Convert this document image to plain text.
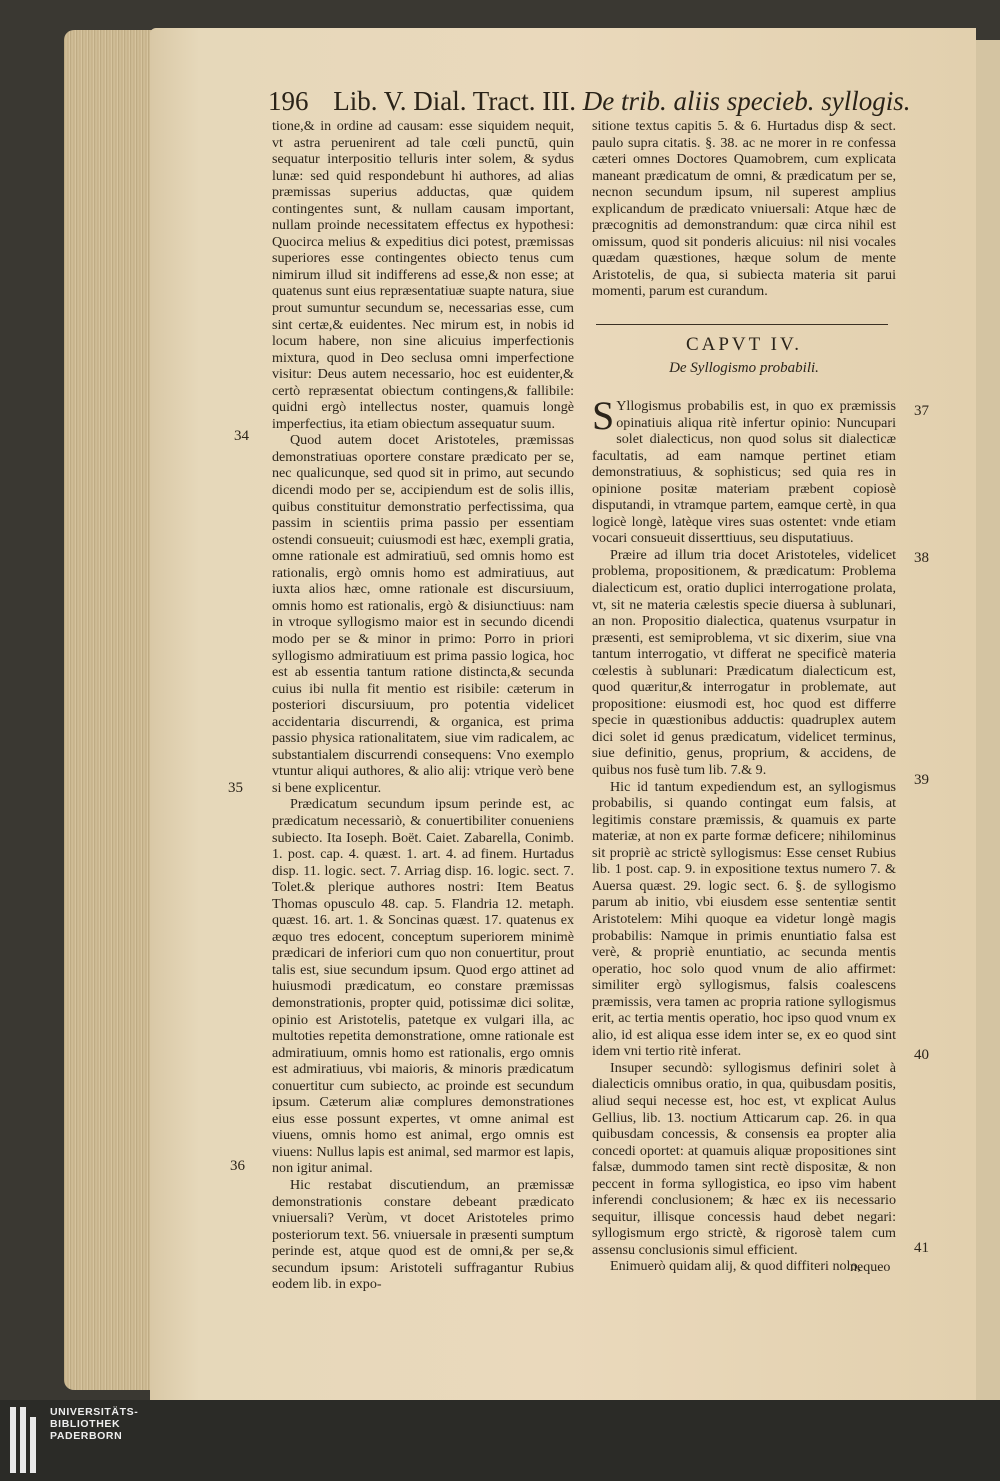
196 Lib. V. Dial. Tract. III. De trib. aliis specieb. syllogis.

tione,& in ordine ad causam: esse siquidem nequit, vt astra peruenirent ad tale cœli punctū, quin sequatur interpositio telluris inter solem, & sydus lunæ: sed quid respondebunt hi authores, ad alias præmissas superius adductas, quæ quidem contingentes sunt, & nullam causam important, nullam proinde necessitatem effectus ex hypothesi: Quocirca melius & expeditius dici potest, præmissas superiores esse contingentes obiecto tenus cum nimirum illud sit indifferens ad esse,& non esse; at quatenus sunt eius repræsentatiuæ suapte natura, siue prout sumuntur secundum se, necessarias esse, cum sint certæ,& euidentes. Nec mirum est, in nobis id locum habere, non sine alicuius imperfectionis mixtura, quod in Deo seclusa omni imperfectione visitur: Deus autem necessario, hoc est euidenter,& certò repræsentat obiectum contingens,& fallibile: quidni ergò intellectus noster, quamuis longè imperfectius, ita etiam obiectum assequatur suum.

Quod autem docet Aristoteles, præmissas demonstratiuas oportere constare prædicato per se, nec qualicunque, sed quod sit in primo, aut secundo dicendi modo per se, accipiendum est de solis illis, quibus constituitur demonstratio perfectissima, qua passim in scientiis prima passio per essentiam ostendi consueuit; cuiusmodi est hæc, exempli gratia, omne rationale est admiratiuū, sed omnis homo est rationalis, ergò omnis homo est admiratiuus, aut iuxta alios hæc, omne rationale est discursiuum, omnis homo est rationalis, ergò & disiunctiuus: nam in vtroque syllogismo maior est in secundo dicendi modo per se & minor in primo: Porro in priori syllogismo admiratiuum est prima passio logica, hoc est ab essentia tantum ratione distincta,& secunda cuius ibi nulla fit mentio est risibile: cæterum in posteriori discursiuum, pro potentia videlicet accidentaria discurrendi, & organica, est prima passio physica rationalitatem, siue vim radicalem, ac substantialem discurrendi consequens: Vno exemplo vtuntur aliqui authores, & alio alij: vtrique verò bene si bene explicentur.

Prædicatum secundum ipsum perinde est, ac prædicatum necessariò, & conuertibiliter conueniens subiecto. Ita Ioseph. Boët. Caiet. Zabarella, Conimb. 1. post. cap. 4. quæst. 1. art. 4. ad finem. Hurtadus disp. 11. logic. sect. 7. Arriag disp. 16. logic. sect. 7. Tolet.& plerique authores nostri: Item Beatus Thomas opusculo 48. cap. 5. Flandria 12. metaph. quæst. 16. art. 1. & Soncinas quæst. 17. quatenus ex æquo tres edocent, conceptum superiorem minimè prædicari de inferiori cum quo non conuertitur, prout talis est, siue secundum ipsum. Quod ergo attinet ad huiusmodi prædicatum, eo constare præmissas demonstrationis, propter quid, potissimæ dici solitæ, opinio est Aristotelis, patetque ex vulgari illa, ac multoties repetita demonstratione, omne rationale est admiratiuum, omnis homo est rationalis, ergo omnis est admiratiuus, vbi maioris, & minoris prædicatum conuertitur cum subiecto, ac proinde est secundum ipsum. Cæterum aliæ complures demonstrationes eius esse possunt expertes, vt omne animal est viuens, omnis homo est animal, ergo omnis est viuens: Nullus lapis est animal, sed marmor est lapis, non igitur animal.

Hic restabat discutiendum, an præmissæ demonstrationis constare debeant prædicato vniuersali? Verùm, vt docet Aristoteles primo posteriorum text. 56. vniuersale in præsenti sumptum perinde est, atque quod est de omni,& per se,& secundum ipsum: Aristoteli suffragantur Rubius eodem lib. in expo-

sitione textus capitis 5. & 6. Hurtadus disp & sect. paulo supra citatis. §. 38. ac ne morer in re confessa cæteri omnes Doctores Quamobrem, cum explicata maneant prædicatum de omni, & prædicatum per se, necnon secundum ipsum, nil superest amplius explicandum de prædicato vniuersali: Atque hæc de præcognitis ad demonstrandum: quæ circa nihil est omissum, quod sit ponderis alicuius: nil nisi vocales quædam quæstiones, hæque solum de mente Aristotelis, de qua, si subiecta materia sit parui momenti, parum est curandum.

CAPVT IV.
De Syllogismo probabili.

S Yllogismus probabilis est, in quo ex præmissis opinatiuis aliqua ritè infertur opinio: Nuncupari solet dialecticus, non quod solus sit dialecticæ facultatis, ad eam namque pertinet etiam demonstratiuus, & sophisticus; sed quia res in opinione positæ materiam præbent copiosè disputandi, in vtramque partem, eamque certè, in qua logicè longè, latèque vires suas ostentet: vnde etiam vocari consueuit disserttiuus, seu disputatiuus.

Præire ad illum tria docet Aristoteles, videlicet problema, propositionem, & prædicatum: Problema dialecticum est, oratio duplici interrogatione prolata, vt, sit ne materia cælestis specie diuersa à sublunari, an non. Propositio dialectica, quatenus vsurpatur in præsenti, est semiproblema, vt sic dixerim, siue vna tantum interrogatio, vt differat ne specificè materia cœlestis à sublunari: Prædicatum dialecticum est, quod quæritur,& interrogatur in problemate, aut propositione: eiusmodi est, hoc quod est differre specie in quæstionibus adductis: quadruplex autem dici solet id genus prædicatum, videlicet terminus, siue definitio, genus, proprium, & accidens, de quibus nos fusè tum lib. 7.& 9.

Hic id tantum expediendum est, an syllogismus probabilis, si quando contingat eum falsis, at legitimis constare præmissis, & quamuis ex parte materiæ, at non ex parte formæ deficere; nihilominus sit propriè ac strictè syllogismus: Esse censet Rubius lib. 1 post. cap. 9. in expositione textus numero 7. & Auersa quæst. 29. logic sect. 6. §. de syllogismo parum ab initio, vbi eiusdem esse sententiæ sentit Aristotelem: Mihi quoque ea videtur longè magis probabilis: Namque in primis enuntiatio falsa est verè, & propriè enuntiatio, ac secunda mentis operatio, hoc solo quod vnum de alio affirmet: similiter ergò syllogismus, falsis coalescens præmissis, vera tamen ac propria ratione syllogismus erit, ac tertia mentis operatio, hoc ipso quod vnum ex alio, id est aliqua esse idem inter se, ex eo quod sint idem vni tertio ritè inferat.

Insuper secundò: syllogismus definiri solet à dialecticis omnibus oratio, in qua, quibusdam positis, aliud sequi necesse est, hoc est, vt explicat Aulus Gellius, lib. 13. noctium Atticarum cap. 26. in qua quibusdam concessis, & consensis ea propter alia concedi oportet: at quamuis aliquæ propositiones sint falsæ, dummodo tamen sint rectè dispositæ, & non peccent in forma syllogistica, eo ipso vim habent inferendi conclusionem; & hæc ex iis necessario sequitur, illisque concessis haud debet negari: syllogismum ergo strictè, & rigorosè talem cum assensu conclusionis simul efficient.

Enimuerò quidam alij, & quod diffiteri nolo,

nequeo
34
35
36
37
38
39
40
41
UNIVERSITÄTS-
BIBLIOTHEK
PADERBORN
